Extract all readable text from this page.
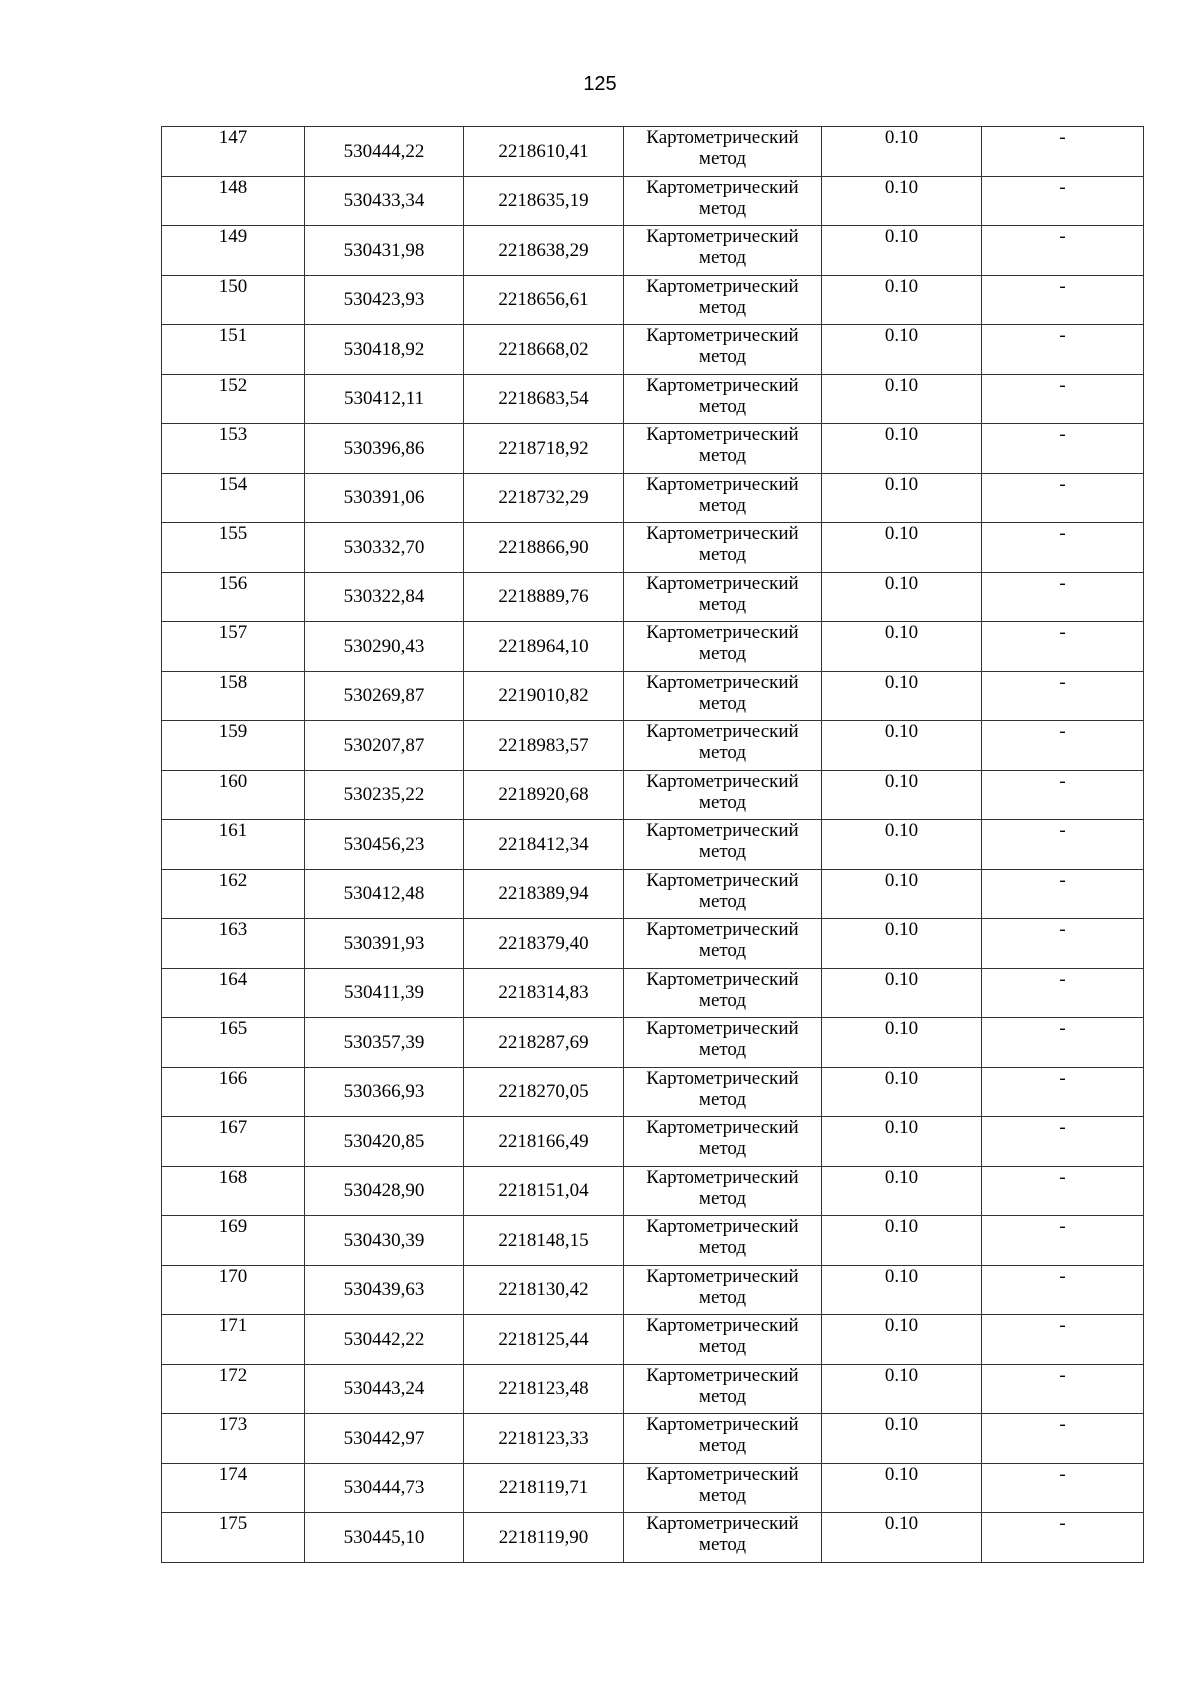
125
147	530444,22	2218610,41	Картометрический метод	0.10	-
148	530433,34	2218635,19	Картометрический метод	0.10	-
149	530431,98	2218638,29	Картометрический метод	0.10	-
150	530423,93	2218656,61	Картометрический метод	0.10	-
151	530418,92	2218668,02	Картометрический метод	0.10	-
152	530412,11	2218683,54	Картометрический метод	0.10	-
153	530396,86	2218718,92	Картометрический метод	0.10	-
154	530391,06	2218732,29	Картометрический метод	0.10	-
155	530332,70	2218866,90	Картометрический метод	0.10	-
156	530322,84	2218889,76	Картометрический метод	0.10	-
157	530290,43	2218964,10	Картометрический метод	0.10	-
158	530269,87	2219010,82	Картометрический метод	0.10	-
159	530207,87	2218983,57	Картометрический метод	0.10	-
160	530235,22	2218920,68	Картометрический метод	0.10	-
161	530456,23	2218412,34	Картометрический метод	0.10	-
162	530412,48	2218389,94	Картометрический метод	0.10	-
163	530391,93	2218379,40	Картометрический метод	0.10	-
164	530411,39	2218314,83	Картометрический метод	0.10	-
165	530357,39	2218287,69	Картометрический метод	0.10	-
166	530366,93	2218270,05	Картометрический метод	0.10	-
167	530420,85	2218166,49	Картометрический метод	0.10	-
168	530428,90	2218151,04	Картометрический метод	0.10	-
169	530430,39	2218148,15	Картометрический метод	0.10	-
170	530439,63	2218130,42	Картометрический метод	0.10	-
171	530442,22	2218125,44	Картометрический метод	0.10	-
172	530443,24	2218123,48	Картометрический метод	0.10	-
173	530442,97	2218123,33	Картометрический метод	0.10	-
174	530444,73	2218119,71	Картометрический метод	0.10	-
175	530445,10	2218119,90	Картометрический метод	0.10	-
